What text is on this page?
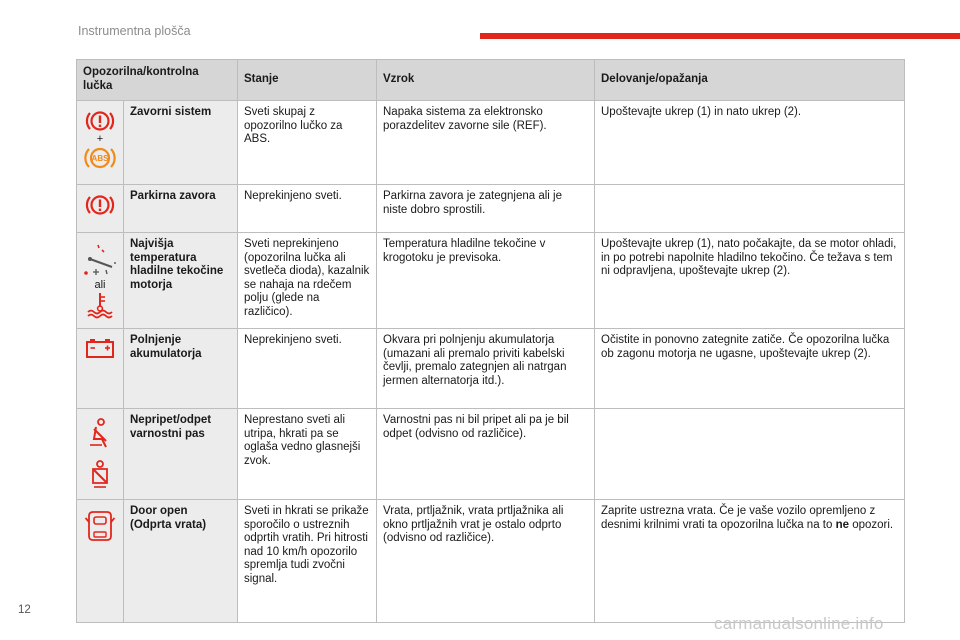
Instrumentna plošča
Opozorilna/kontrolna lučka		Stanje	Vzrok	Delovanje/opažanja

+
ABS	Zavorni sistem	Sveti skupaj z opozorilno lučko za ABS.	Napaka sistema za elektronsko porazdelitev zavorne sile (REF).	Upoštevajte ukrep (1) in nato ukrep (2).

	Parkirna zavora	Neprekinjeno sveti.	Parkirna zavora je zategnjena ali je niste dobro sprostili.	

ali	Najvišja temperatura hladilne tekočine motorja	Sveti neprekinjeno (opozorilna lučka ali svetleča dioda), kazalnik se nahaja na rdečem polju (glede na različico).	Temperatura hladilne tekočine v krogotoku je previsoka.	Upoštevajte ukrep (1), nato počakajte, da se motor ohladi, in po potrebi napolnite hladilno tekočino. Če težava s tem ni odpravljena, upoštevajte ukrep (2).

	Polnjenje akumulatorja	Neprekinjeno sveti.	Okvara pri polnjenju akumulatorja (umazani ali premalo priviti kabelski čevlji, premalo zategnjen ali natrgan jermen alternatorja itd.).	Očistite in ponovno zategnite zatiče. Če opozorilna lučka ob zagonu motorja ne ugasne, upoštevajte ukrep (2).

	Nepripet/odpet varnostni pas	Neprestano sveti ali utripa, hkrati pa se oglaša vedno glasnejši zvok.	Varnostni pas ni bil pripet ali pa je bil odpet (odvisno od različice).	

	Door open (Odprta vrata)	Sveti in hkrati se prikaže sporočilo o ustreznih odprtih vratih. Pri hitrosti nad 10 km/h opozorilo spremlja tudi zvočni signal.	Vrata, prtljažnik, vrata prtljažnika ali okno prtljažnih vrat je ostalo odprto (odvisno od različice).	Zaprite ustrezna vrata. Če je vaše vozilo opremljeno z desnimi krilnimi vrati ta opozorilna lučka na to ne opozori.
12
carmanualsonline.info
